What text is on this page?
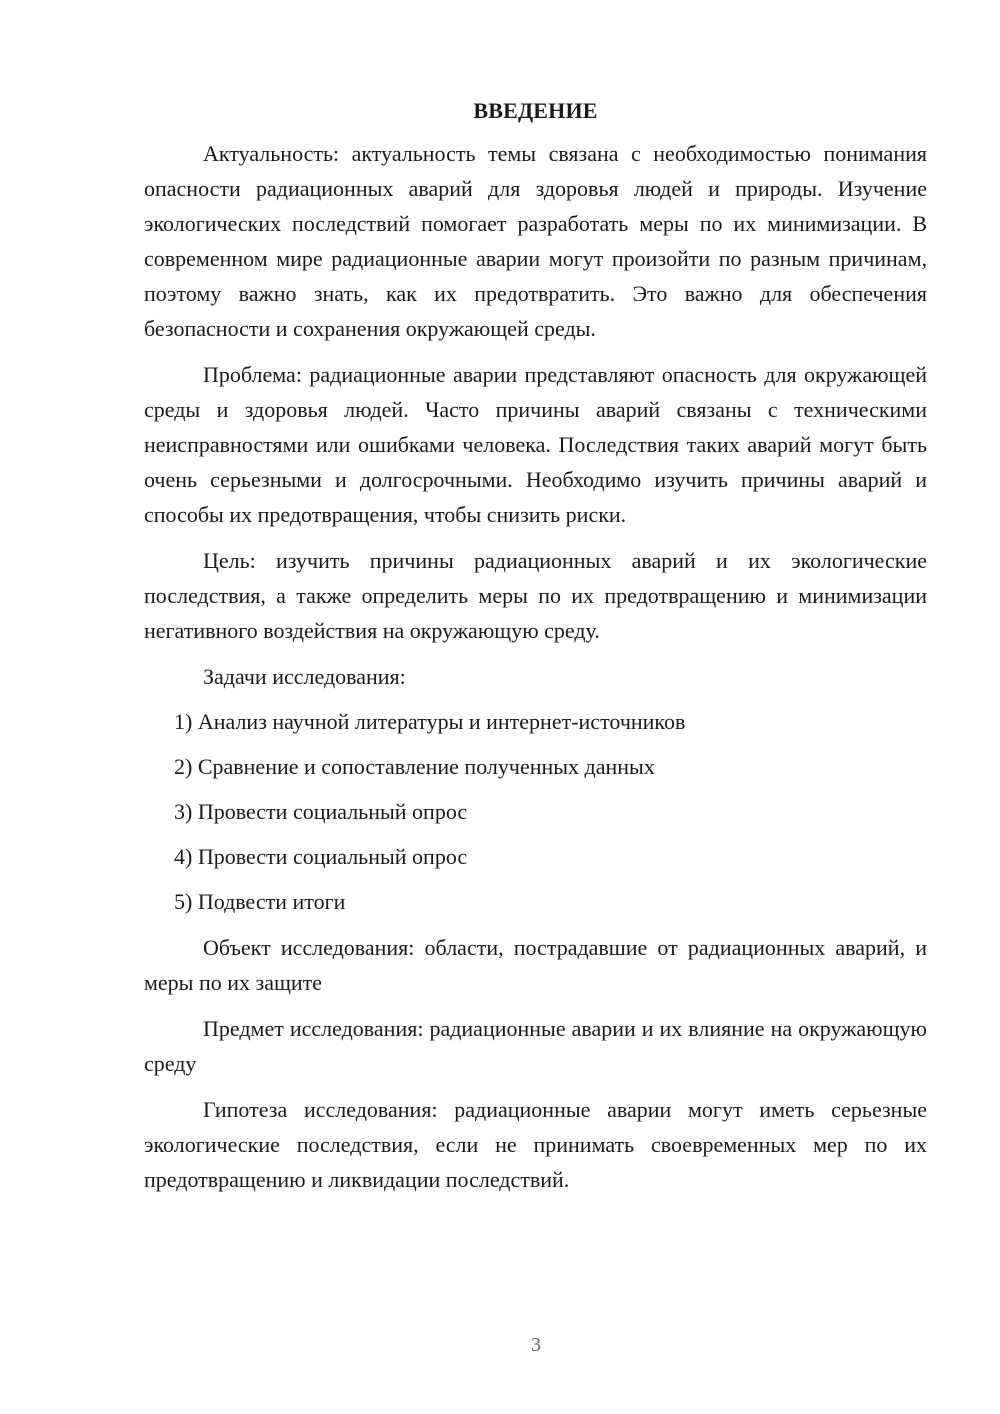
ВВЕДЕНИЕ

Актуальность: актуальность темы связана с необходимостью понимания опасности радиационных аварий для здоровья людей и природы. Изучение экологических последствий помогает разработать меры по их минимизации. В современном мире радиационные аварии могут произойти по разным причинам, поэтому важно знать, как их предотвратить. Это важно для обеспечения безопасности и сохранения окружающей среды.

Проблема: радиационные аварии представляют опасность для окружающей среды и здоровья людей. Часто причины аварий связаны с техническими неисправностями или ошибками человека. Последствия таких аварий могут быть очень серьезными и долгосрочными. Необходимо изучить причины аварий и способы их предотвращения, чтобы снизить риски.

Цель: изучить причины радиационных аварий и их экологические последствия, а также определить меры по их предотвращению и минимизации негативного воздействия на окружающую среду.

Задачи исследования:
1) Анализ научной литературы и интернет-источников
2) Сравнение и сопоставление полученных данных
3) Провести социальный опрос
4) Провести социальный опрос
5) Подвести итоги

Объект исследования: области, пострадавшие от радиационных аварий, и меры по их защите

Предмет исследования: радиационные аварии и их влияние на окружающую среду

Гипотеза исследования: радиационные аварии могут иметь серьезные экологические последствия, если не принимать своевременных мер по их предотвращению и ликвидации последствий.

3
